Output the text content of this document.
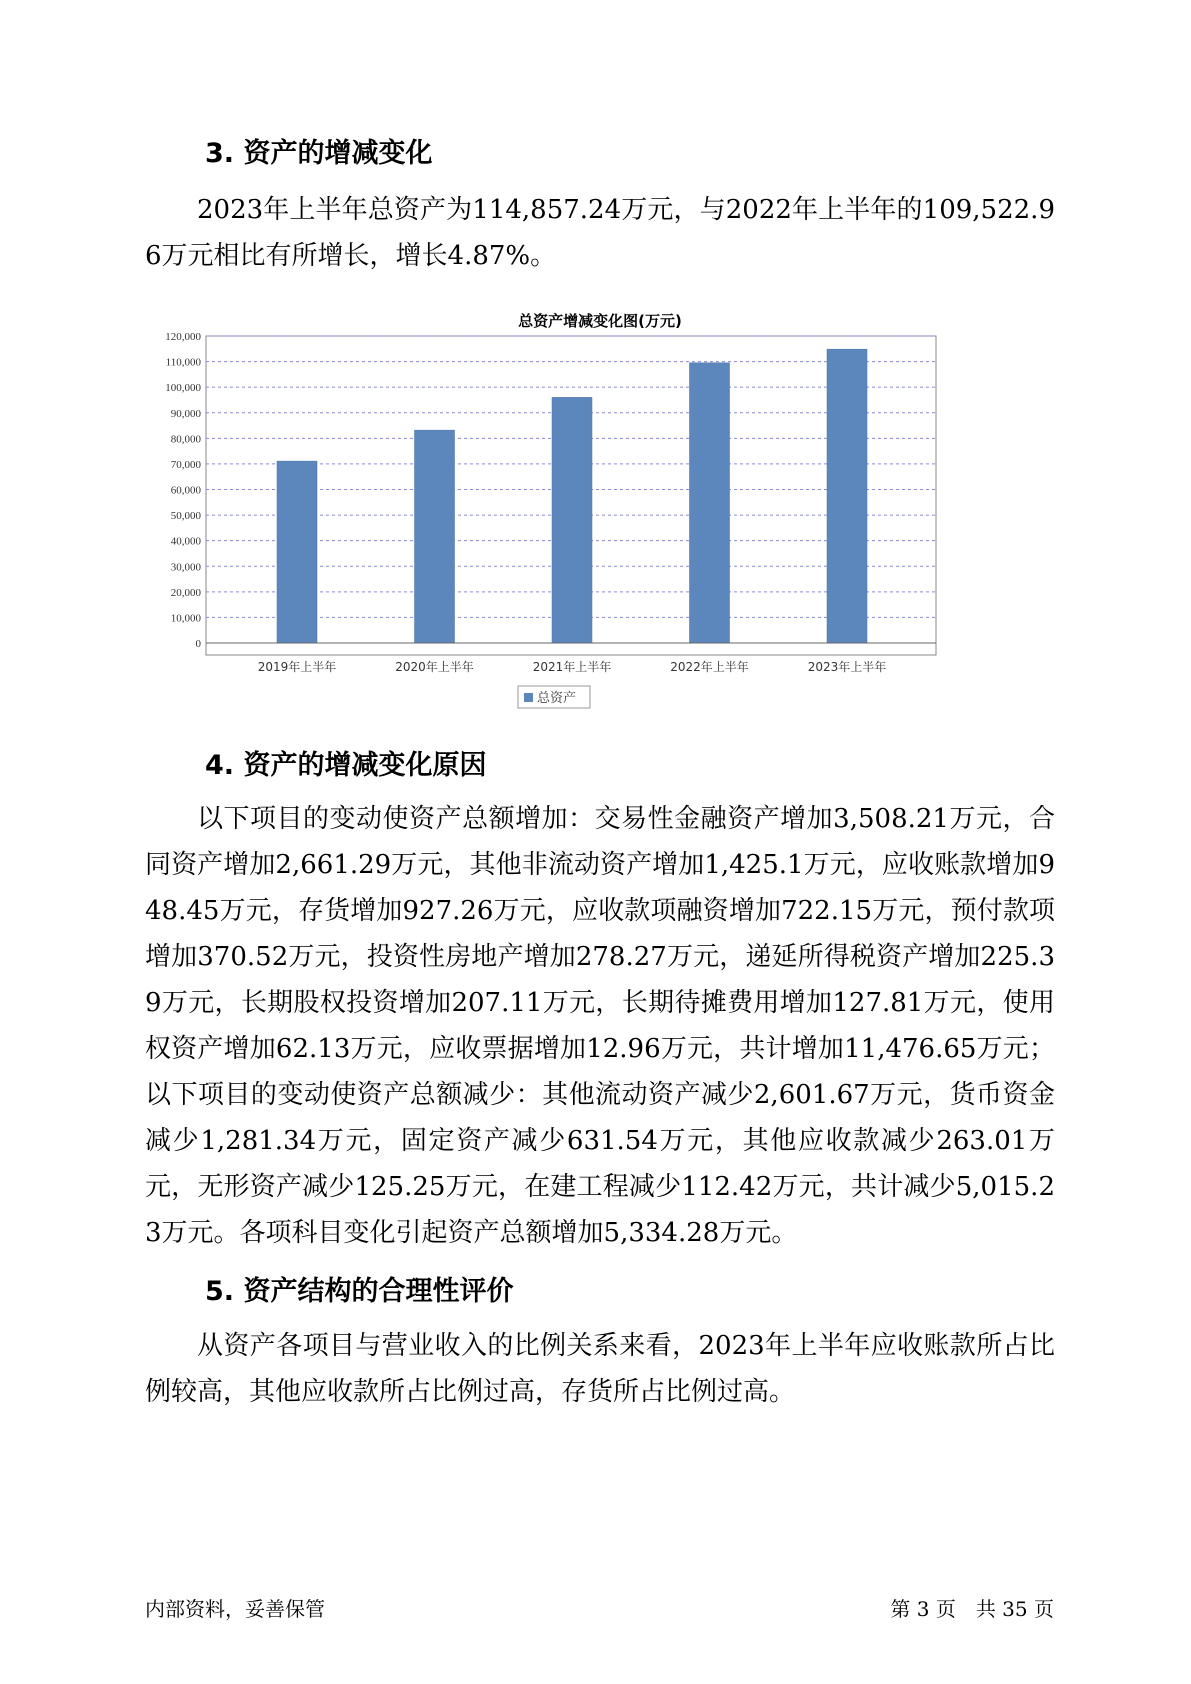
3. 资产的增减变化

2023年上半年总资产为114,857.24万元，与2022年上半年的109,522.96万元相比有所增长，增长4.87%。

总资产增减变化图(万元)
0
10,000
20,000
30,000
40,000
50,000
60,000
70,000
80,000
90,000
100,000
110,000
120,000
2019年上半年	2020年上半年	2021年上半年	2022年上半年	2023年上半年
总资产
4. 资产的增减变化原因

以下项目的变动使资产总额增加：交易性金融资产增加3,508.21万元，合同资产增加2,661.29万元，其他非流动资产增加1,425.1万元，应收账款增加948.45万元，存货增加927.26万元，应收款项融资增加722.15万元，预付款项增加370.52万元，投资性房地产增加278.27万元，递延所得税资产增加225.39万元，长期股权投资增加207.11万元，长期待摊费用增加127.81万元，使用权资产增加62.13万元，应收票据增加12.96万元，共计增加11,476.65万元；以下项目的变动使资产总额减少：其他流动资产减少2,601.67万元，货币资金减少1,281.34万元，固定资产减少631.54万元，其他应收款减少263.01万元，无形资产减少125.25万元，在建工程减少112.42万元，共计减少5,015.23万元。各项科目变化引起资产总额增加5,334.28万元。

5. 资产结构的合理性评价

从资产各项目与营业收入的比例关系来看，2023年上半年应收账款所占比例较高，其他应收款所占比例过高，存货所占比例过高。

内部资料，妥善保管	第 3 页　共 35 页
